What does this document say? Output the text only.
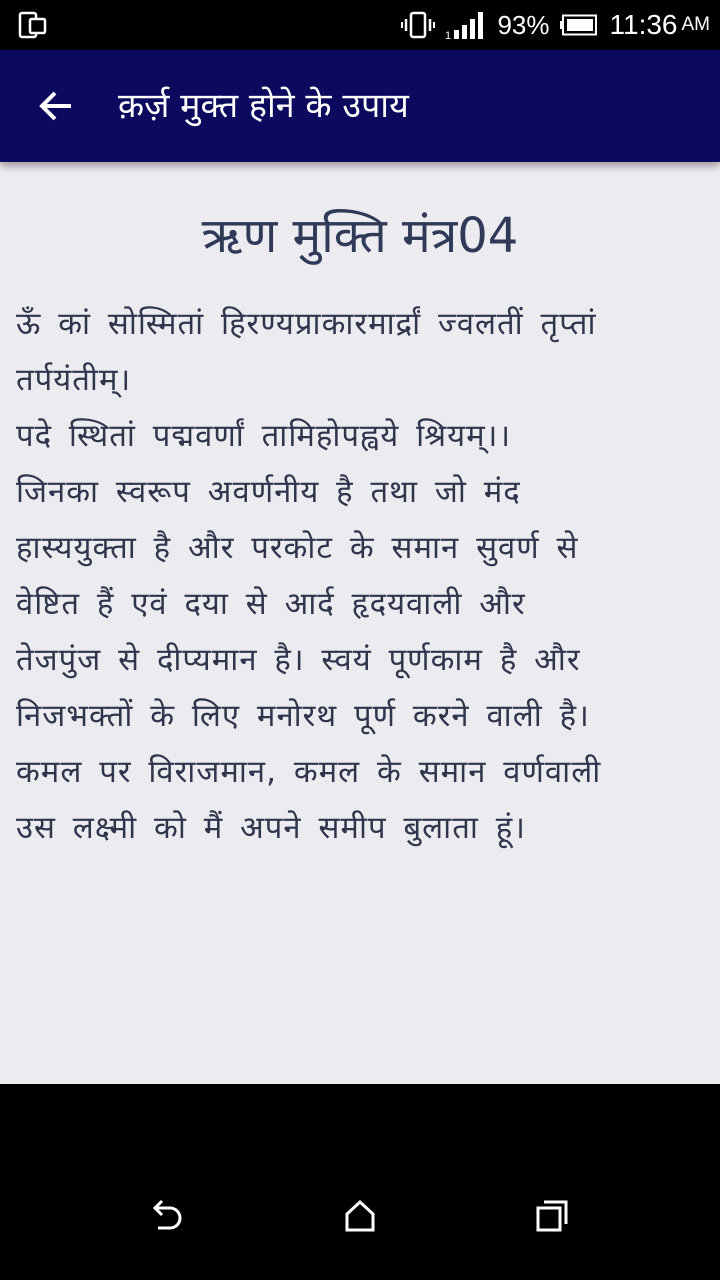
1 93% 11:36 AM
क़र्ज़ मुक्त होने के उपाय
ऋण मुक्ति मंत्र04
ऊँ कां सोस्मितां हिरण्यप्राकारमार्द्रां ज्वलतीं तृप्तां
तर्पयंतीम्।
पदे स्थितां पद्मवर्णां तामिहोपह्वये श्रियम्।।
जिनका स्वरूप अवर्णनीय है तथा जो मंद
हास्ययुक्ता है और परकोट के समान सुवर्ण से
वेष्टित हैं एवं दया से आर्द हृदयवाली और
तेजपुंज से दीप्यमान है। स्वयं पूर्णकाम है और
निजभक्तों के लिए मनोरथ पूर्ण करने वाली है।
कमल पर विराजमान, कमल के समान वर्णवाली
उस लक्ष्मी को मैं अपने समीप बुलाता हूं।
